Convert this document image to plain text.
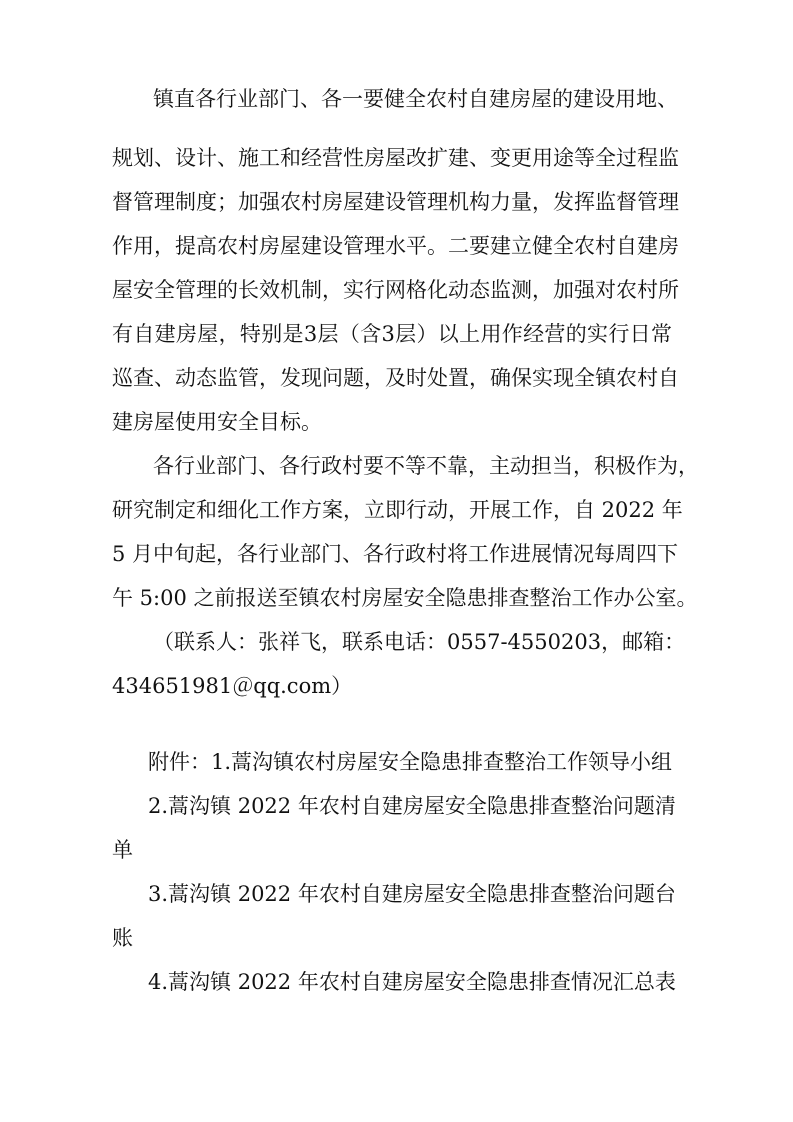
镇直各行业部门、各一要健全农村自建房屋的建设用地、
规划、设计、施工和经营性房屋改扩建、变更用途等全过程监
督管理制度；加强农村房屋建设管理机构力量，发挥监督管理
作用，提高农村房屋建设管理水平。二要建立健全农村自建房
屋安全管理的长效机制，实行网格化动态监测，加强对农村所
有自建房屋，特别是3层（含3层）以上用作经营的实行日常
巡查、动态监管，发现问题，及时处置，确保实现全镇农村自
建房屋使用安全目标。
各行业部门、各行政村要不等不靠，主动担当，积极作为，
研究制定和细化工作方案，立即行动，开展工作，自 2022 年
5 月中旬起，各行业部门、各行政村将工作进展情况每周四下
午 5:00 之前报送至镇农村房屋安全隐患排查整治工作办公室。
（联系人：张祥飞，联系电话：0557-4550203，邮箱：
434651981＠qq.com）
附件：1.蒿沟镇农村房屋安全隐患排查整治工作领导小组
2.蒿沟镇 2022 年农村自建房屋安全隐患排查整治问题清
单
3.蒿沟镇 2022 年农村自建房屋安全隐患排查整治问题台
账
4.蒿沟镇 2022 年农村自建房屋安全隐患排查情况汇总表
